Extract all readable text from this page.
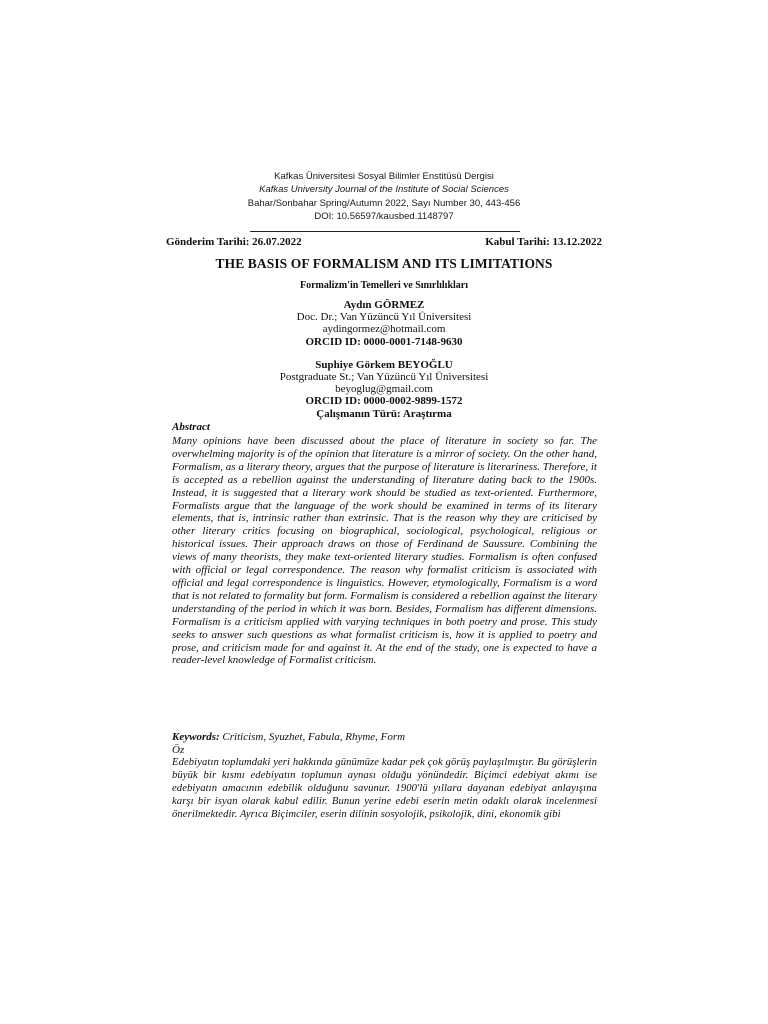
Kafkas Üniversitesi Sosyal Bilimler Enstitüsü Dergisi
Kafkas University Journal of the Institute of Social Sciences
Bahar/Sonbahar Spring/Autumn 2022, Sayı Number 30, 443-456
DOI: 10.56597/kausbed.1148797
Gönderim Tarihi: 26.07.2022	Kabul Tarihi: 13.12.2022
THE BASIS OF FORMALISM AND ITS LIMITATIONS
Formalizm'in Temelleri ve Sınırlılıkları
Aydın GÖRMEZ
Doc. Dr.; Van Yüzüncü Yıl Üniversitesi
aydingormez@hotmail.com
ORCID ID: 0000-0001-7148-9630
Suphiye Görkem BEYOĞLU
Postgraduate St.; Van Yüzüncü Yıl Üniversitesi
beyoglug@gmail.com
ORCID ID: 0000-0002-9899-1572
Çalışmanın Türü: Araştırma
Abstract

Many opinions have been discussed about the place of literature in society so far. The overwhelming majority is of the opinion that literature is a mirror of society. On the other hand, Formalism, as a literary theory, argues that the purpose of literature is literariness. Therefore, it is accepted as a rebellion against the understanding of literature dating back to the 1900s. Instead, it is suggested that a literary work should be studied as text-oriented. Furthermore, Formalists argue that the language of the work should be examined in terms of its literary elements, that is, intrinsic rather than extrinsic. That is the reason why they are criticised by other literary critics focusing on biographical, sociological, psychological, religious or historical issues. Their approach draws on those of Ferdinand de Saussure. Combining the views of many theorists, they make text-oriented literary studies. Formalism is often confused with official or legal correspondence. The reason why formalist criticism is associated with official and legal correspondence is linguistics. However, etymologically, Formalism is a word that is not related to formality but form. Formalism is considered a rebellion against the literary understanding of the period in which it was born. Besides, Formalism has different dimensions. Formalism is a criticism applied with varying techniques in both poetry and prose. This study seeks to answer such questions as what formalist criticism is, how it is applied to poetry and prose, and criticism made for and against it. At the end of the study, one is expected to have a reader-level knowledge of Formalist criticism.

Keywords: Criticism, Syuzhet, Fabula, Rhyme, Form
Öz

Edebiyatın toplumdaki yeri hakkında günümüze kadar pek çok görüş paylaşılmıştır. Bu görüşlerin büyük bir kısmı edebiyatın toplumun aynası olduğu yönündedir. Biçimci edebiyat akımı ise edebiyatın amacının edebîlik olduğunu savunur. 1900'lü yıllara dayanan edebiyat anlayışına karşı bir isyan olarak kabul edilir. Bunun yerine edebi eserin metin odaklı olarak incelenmesi önerilmektedir. Ayrıca Biçimciler, eserin dilinin sosyolojik, psikolojik, dini, ekonomik gibi
